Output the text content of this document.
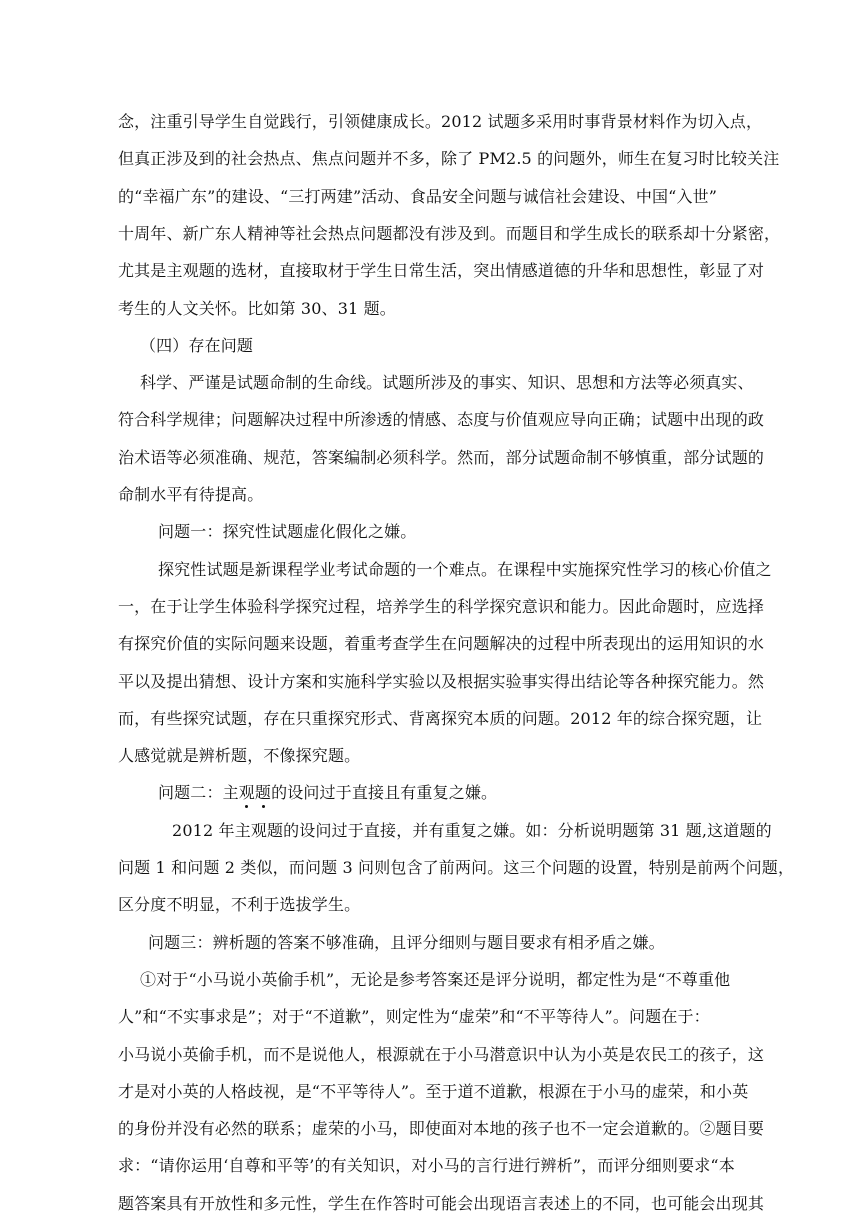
念，注重引导学生自觉践行，引领健康成长。2012 试题多采用时事背景材料作为切入点，
但真正涉及到的社会热点、焦点问题并不多，除了 PM2.5 的问题外，师生在复习时比较关注
的“幸福广东”的建设、“三打两建”活动、食品安全问题与诚信社会建设、中国“入世”
十周年、新广东人精神等社会热点问题都没有涉及到。而题目和学生成长的联系却十分紧密，
尤其是主观题的选材，直接取材于学生日常生活，突出情感道德的升华和思想性，彰显了对
考生的人文关怀。比如第 30、31 题。
（四）存在问题
科学、严谨是试题命制的生命线。试题所涉及的事实、知识、思想和方法等必须真实、
符合科学规律；问题解决过程中所渗透的情感、态度与价值观应导向正确；试题中出现的政
治术语等必须准确、规范，答案编制必须科学。然而，部分试题命制不够慎重，部分试题的
命制水平有待提高。
问题一：探究性试题虚化假化之嫌。
探究性试题是新课程学业考试命题的一个难点。在课程中实施探究性学习的核心价值之
一，在于让学生体验科学探究过程，培养学生的科学探究意识和能力。因此命题时，应选择
有探究价值的实际问题来设题，着重考查学生在问题解决的过程中所表现出的运用知识的水
平以及提出猜想、设计方案和实施科学实验以及根据实验事实得出结论等各种探究能力。然
而，有些探究试题，存在只重探究形式、背离探究本质的问题。2012 年的综合探究题，让
人感觉就是辨析题，不像探究题。
问题二：主观题的设问过于直接且有重复之嫌。
2012 年主观题的设问过于直接，并有重复之嫌。如：分析说明题第 31 题,这道题的
问题 1 和问题 2 类似，而问题 3 问则包含了前两问。这三个问题的设置，特别是前两个问题，
区分度不明显，不利于选拔学生。
问题三：辨析题的答案不够准确，且评分细则与题目要求有相矛盾之嫌。
①对于“小马说小英偷手机”，无论是参考答案还是评分说明，都定性为是“不尊重他
人”和“不实事求是”；对于“不道歉”，则定性为“虚荣”和“不平等待人”。问题在于：
小马说小英偷手机，而不是说他人，根源就在于小马潜意识中认为小英是农民工的孩子，这
才是对小英的人格歧视，是“不平等待人”。至于道不道歉，根源在于小马的虚荣，和小英
的身份并没有必然的联系；虚荣的小马，即使面对本地的孩子也不一定会道歉的。②题目要
求：“请你运用‘自尊和平等’的有关知识，对小马的言行进行辨析”，而评分细则要求“本
题答案具有开放性和多元性，学生在作答时可能会出现语言表述上的不同，也可能会出现其
